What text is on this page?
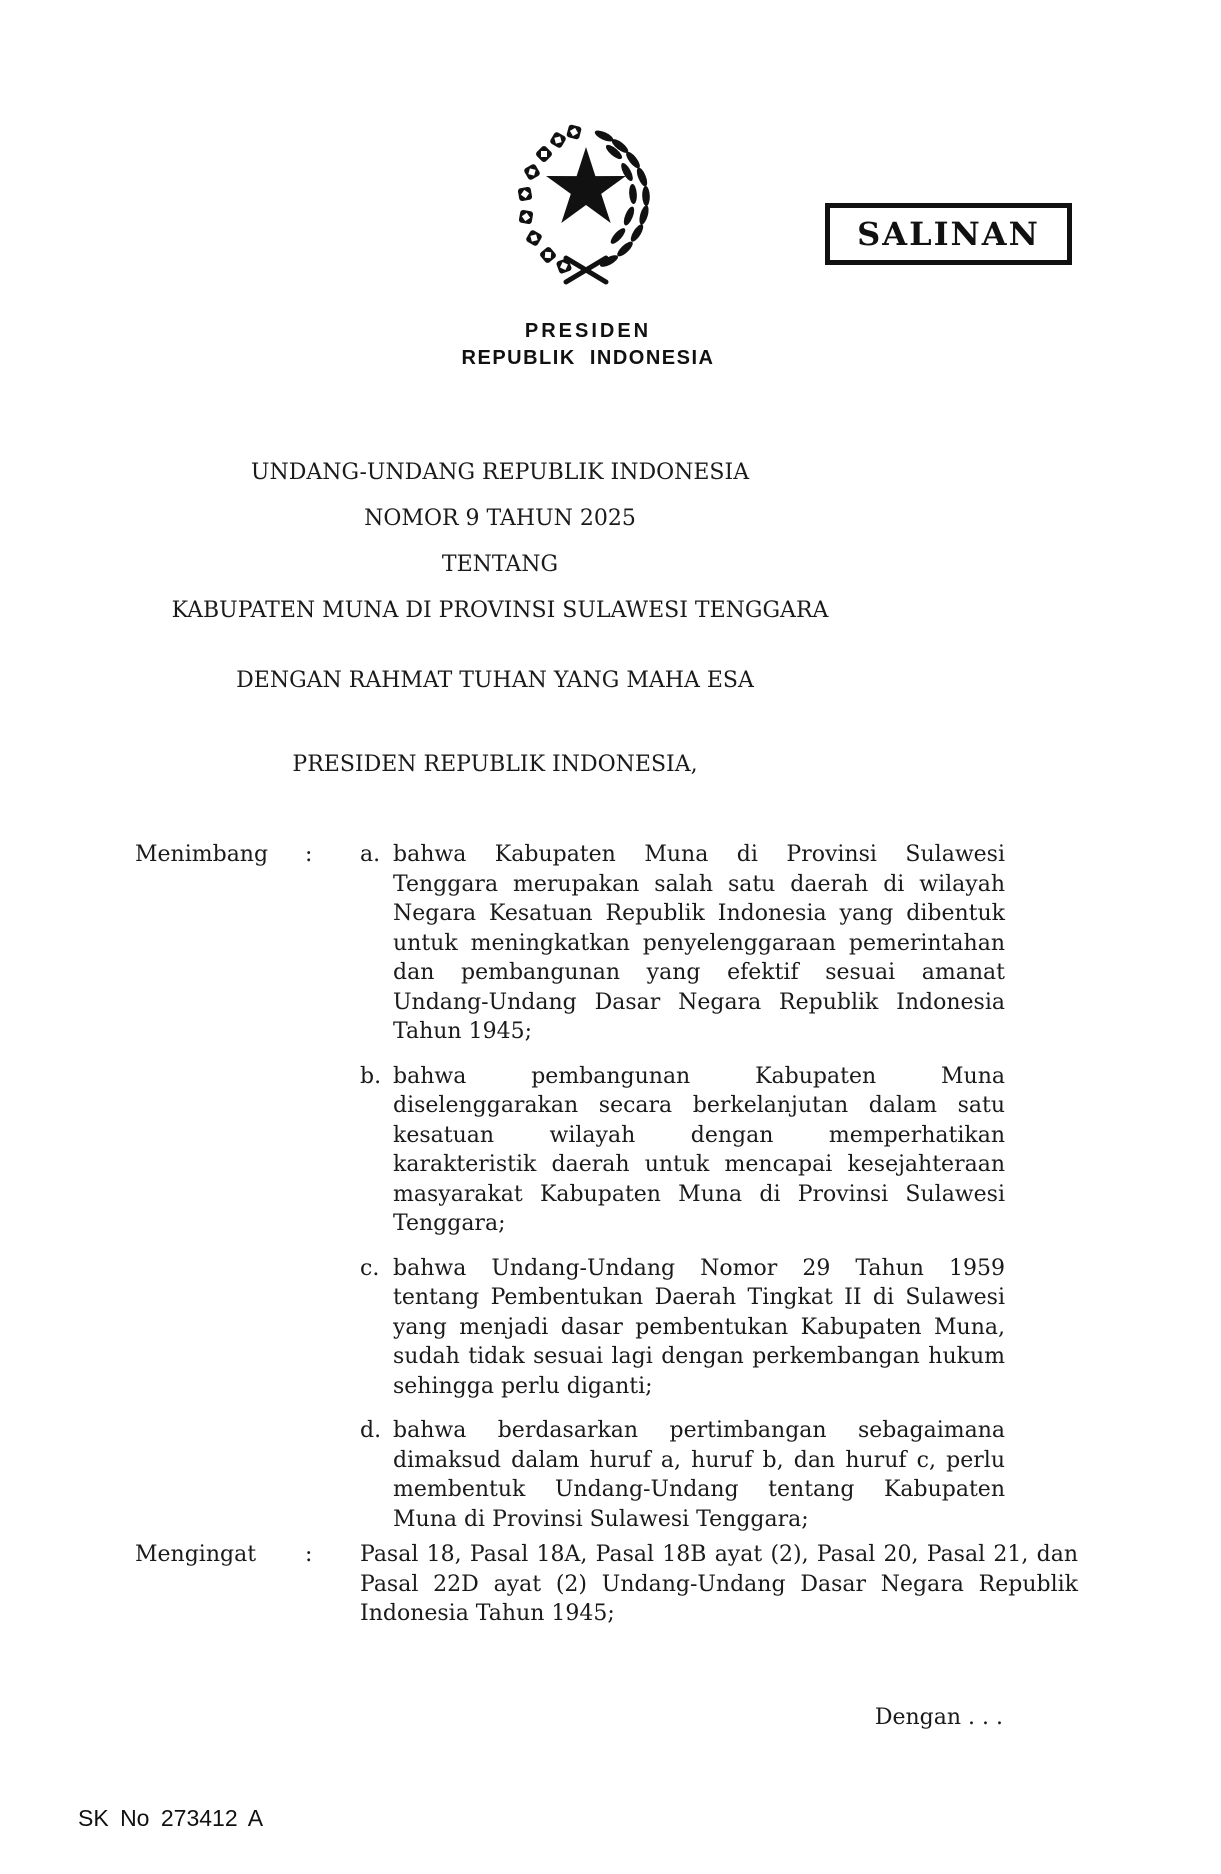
PRESIDEN
REPUBLIK INDONESIA
SALINAN
UNDANG-UNDANG REPUBLIK INDONESIA
NOMOR 9 TAHUN 2025
TENTANG
KABUPATEN MUNA DI PROVINSI SULAWESI TENGGARA
DENGAN RAHMAT TUHAN YANG MAHA ESA
PRESIDEN REPUBLIK INDONESIA,
Menimbang	:	a. bahwa Kabupaten Muna di Provinsi Sulawesi Tenggara merupakan salah satu daerah di wilayah Negara Kesatuan Republik Indonesia yang dibentuk untuk meningkatkan penyelenggaraan pemerintahan dan pembangunan yang efektif sesuai amanat Undang-Undang Dasar Negara Republik Indonesia Tahun 1945;
b. bahwa pembangunan Kabupaten Muna diselenggarakan secara berkelanjutan dalam satu kesatuan wilayah dengan memperhatikan karakteristik daerah untuk mencapai kesejahteraan masyarakat Kabupaten Muna di Provinsi Sulawesi Tenggara;
c. bahwa Undang-Undang Nomor 29 Tahun 1959 tentang Pembentukan Daerah Tingkat II di Sulawesi yang menjadi dasar pembentukan Kabupaten Muna, sudah tidak sesuai lagi dengan perkembangan hukum sehingga perlu diganti;
d. bahwa berdasarkan pertimbangan sebagaimana dimaksud dalam huruf a, huruf b, dan huruf c, perlu membentuk Undang-Undang tentang Kabupaten Muna di Provinsi Sulawesi Tenggara;
Mengingat	:	Pasal 18, Pasal 18A, Pasal 18B ayat (2), Pasal 20, Pasal 21, dan Pasal 22D ayat (2) Undang-Undang Dasar Negara Republik Indonesia Tahun 1945;
Dengan . . .
SK No 273412 A
